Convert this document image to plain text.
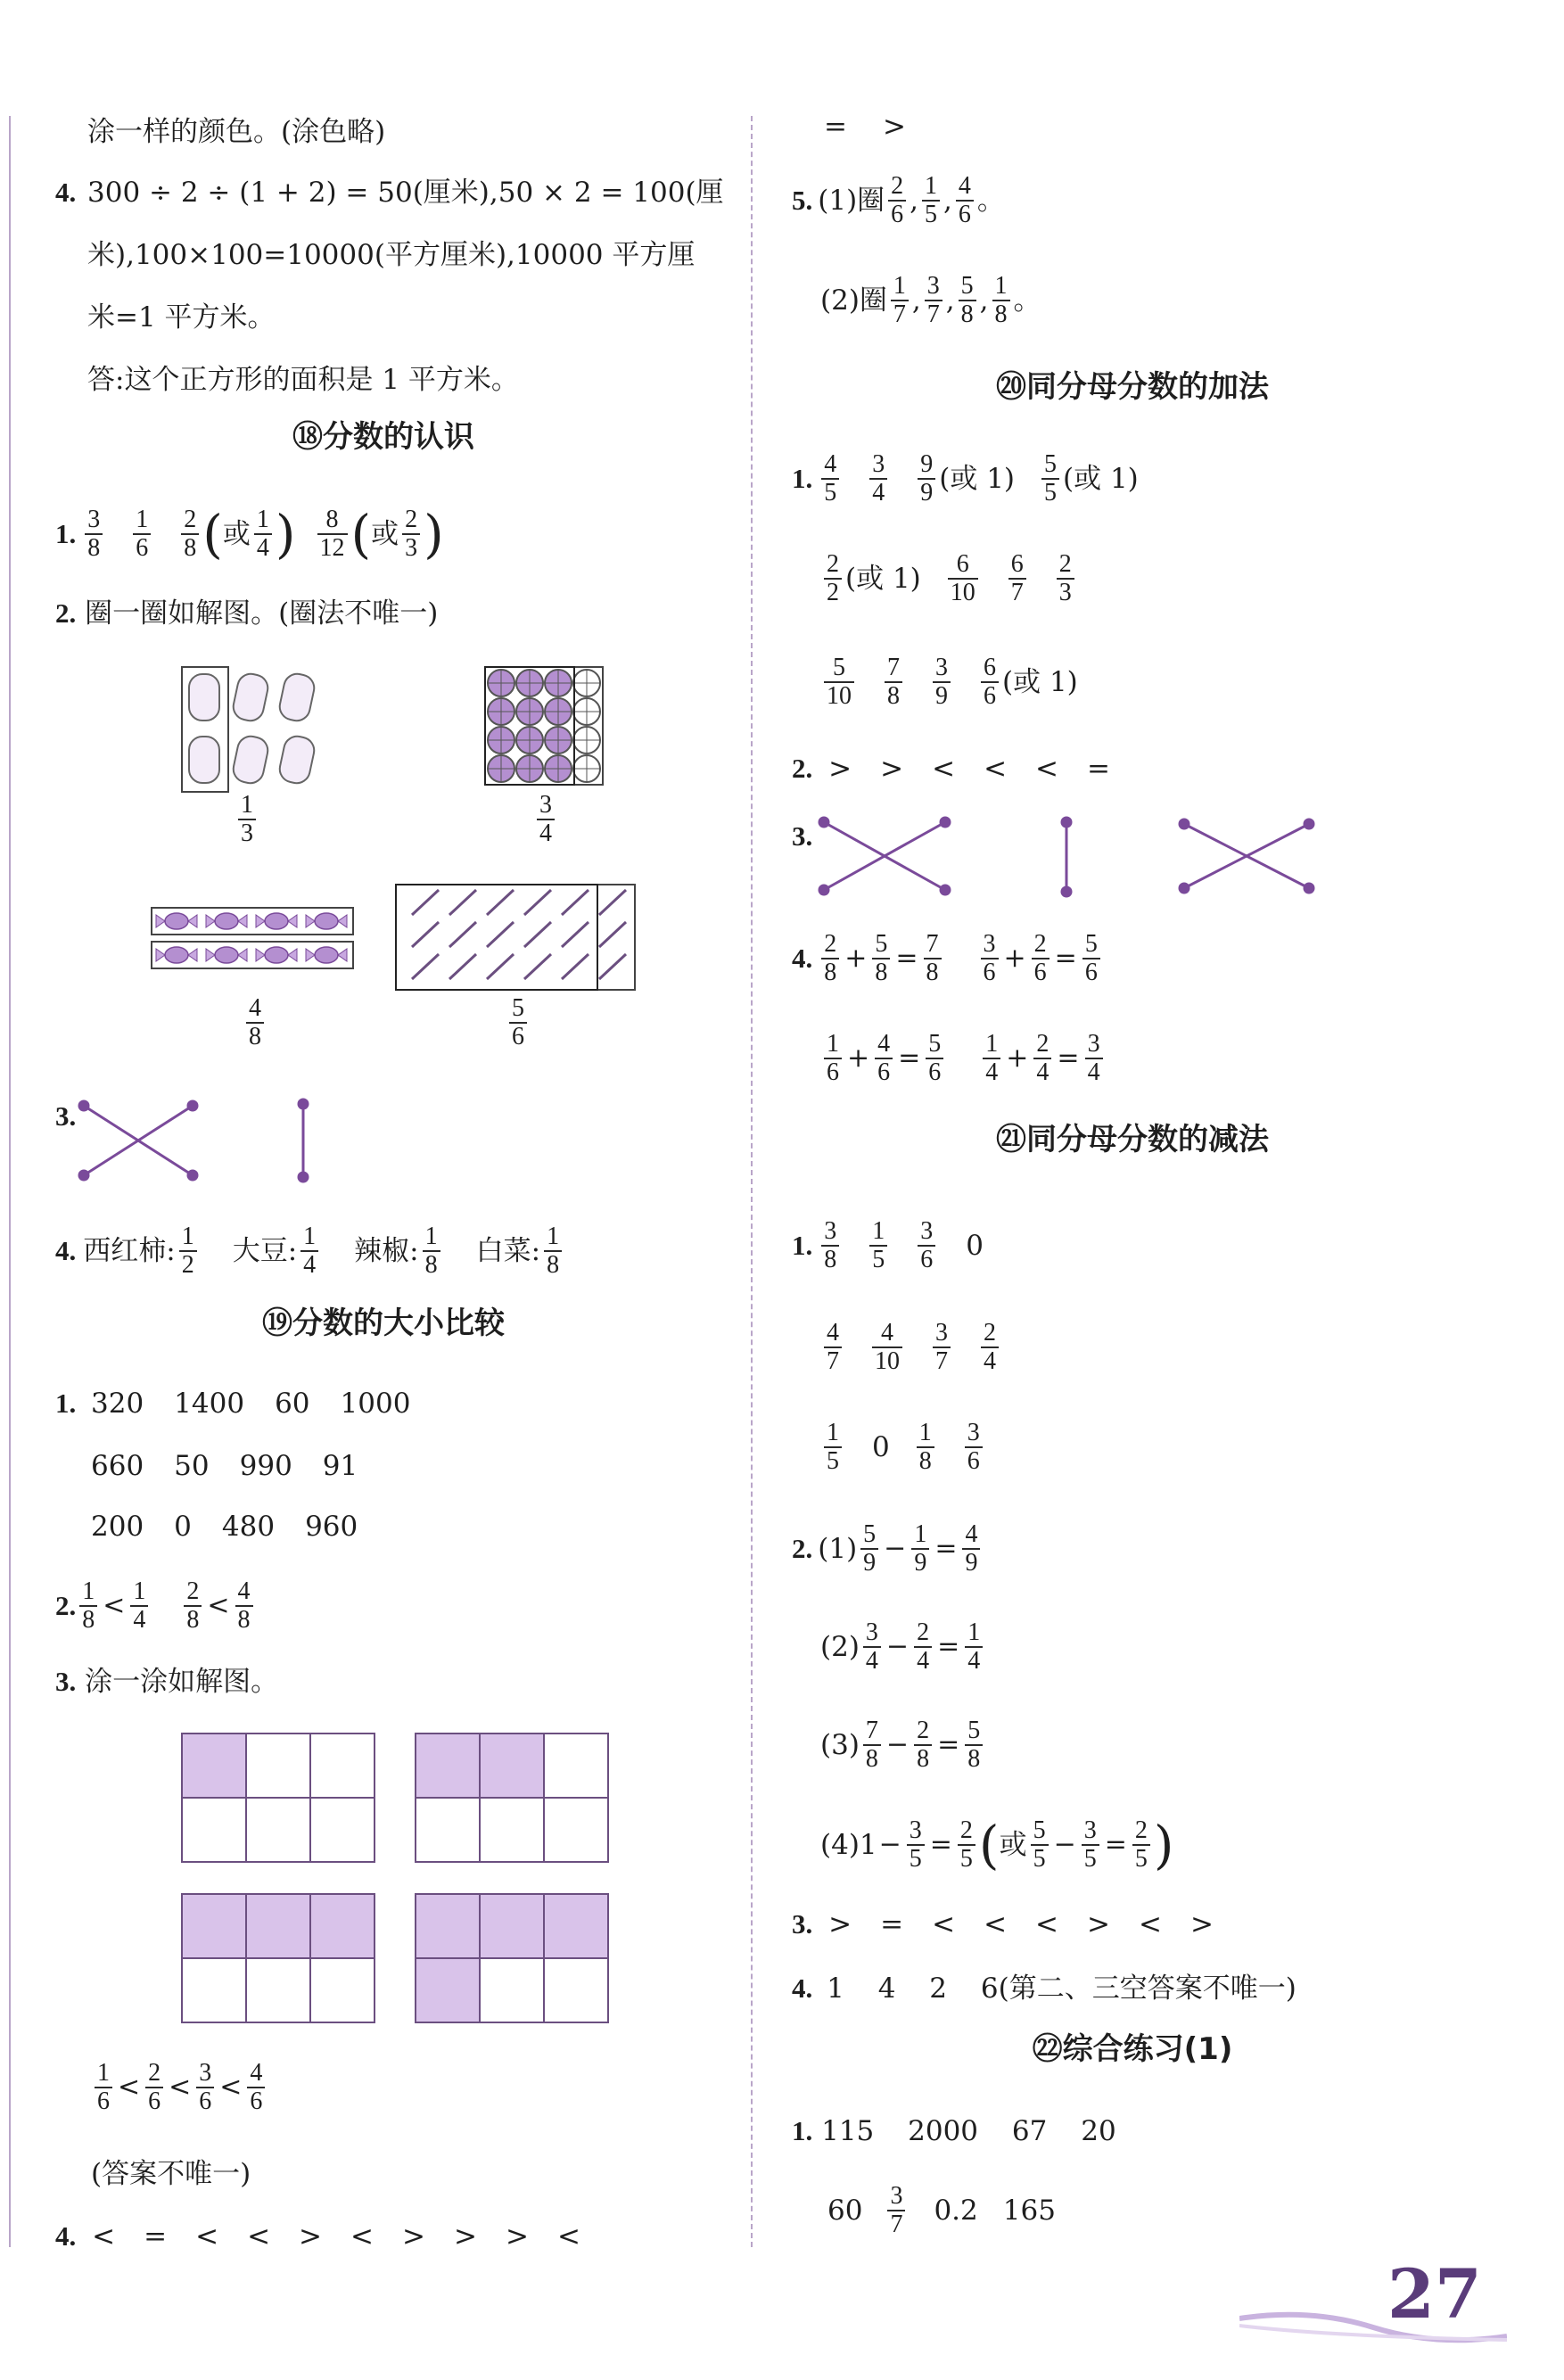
涂一样的颜色。(涂色略)
4. 300 ÷ 2 ÷ (1 + 2) = 50(厘米),50 × 2 = 100(厘
米),100×100=10000(平方厘米),10000 平方厘
米=1 平方米。
答:这个正方形的面积是 1 平方米。
⑱分数的认识
1. $\frac{3}{8} \frac{1}{6} \frac{2}{8}$ ( 或 $\frac{1}{4}$ ) $\frac{8}{12}$ ( 或 $\frac{2}{3}$ )
2. 圈一圈如解图。(圈法不唯一)
$\frac{1}{3}$	$\frac{3}{4}$
$\frac{4}{8}$	$\frac{5}{6}$
3.
4. 西红柿: $\frac{1}{2}$ 大豆: $\frac{1}{4}$ 辣椒: $\frac{1}{8}$ 白菜: $\frac{1}{8}$
⑲分数的大小比较
1. 320 1400 60 1000
660 50 990 91
200 0 480 960
2. $\frac{1}{8} < \frac{1}{4} \frac{2}{8} < \frac{4}{8}$
3. 涂一涂如解图。
$\frac{1}{6} < \frac{2}{6} < \frac{3}{6} < \frac{4}{6}$
(答案不唯一)
4. < = < < > < > > > <
= >
5. (1)圈 $\frac{2}{6}$ , $\frac{1}{5}$ , $\frac{4}{6}$ 。
(2)圈 $\frac{1}{7}$ , $\frac{3}{7}$ , $\frac{5}{8}$ , $\frac{1}{8}$ 。
⑳同分母分数的加法
1. $\frac{4}{5} \frac{3}{4} \frac{9}{9}$ (或 $1) \frac{5}{5}$ (或 1)
$\frac{2}{2}$ (或 $1) \frac{6}{10} \frac{6}{7} \frac{2}{3}$
$\frac{5}{10} \frac{7}{8} \frac{3}{9} \frac{6}{6}$ (或 1)
2. > > < < < =
3.
4. $\frac{2}{8} + \frac{5}{8} = \frac{7}{8} \frac{3}{6} + \frac{2}{6} = \frac{5}{6}$
$\frac{1}{6} + \frac{4}{6} = \frac{5}{6} \frac{1}{4} + \frac{2}{4} = \frac{3}{4}$
㉑同分母分数的减法
1. $\frac{3}{8} \frac{1}{5} \frac{3}{6} 0$
$\frac{4}{7} \frac{4}{10} \frac{3}{7} \frac{2}{4}$
$\frac{1}{5} 0 \frac{1}{8} \frac{3}{6}$
2. $(1) \frac{5}{9} - \frac{1}{9} = \frac{4}{9}$
$(2) \frac{3}{4} - \frac{2}{4} = \frac{1}{4}$
$(3) \frac{7}{8} - \frac{2}{8} = \frac{5}{8}$
$(4)1 - \frac{3}{5} = \frac{2}{5}$ ( 或 $\frac{5}{5} - \frac{3}{5} = \frac{2}{5}$ )
3. > = < < < > < >
4. 1 4 2 6(第二、三空答案不唯一)
㉒综合练习(1)
1. 115 2000 67 20
$60 \frac{3}{7} 0.2$ 165
27
